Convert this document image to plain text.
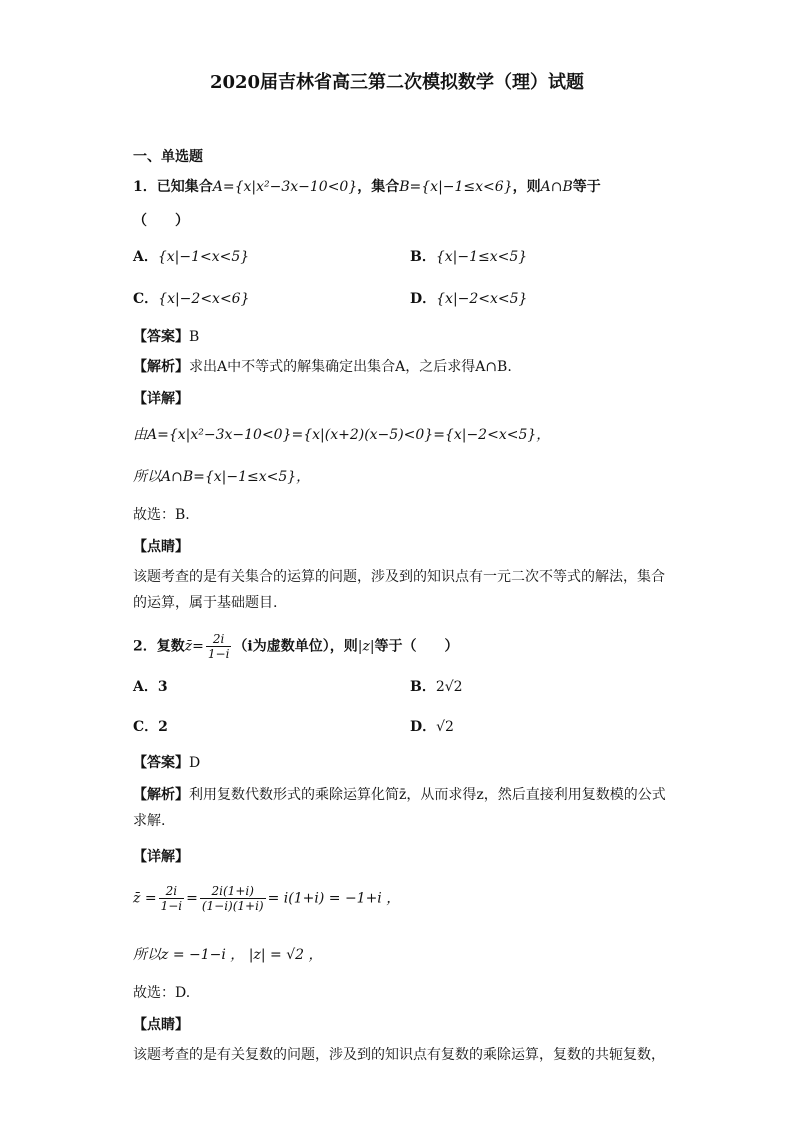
2020届吉林省高三第二次模拟数学（理）试题
一、单选题
1．已知集合A={x|x²−3x−10<0}，集合B={x|−1≤x<6}，则A∩B等于
（　　）
A．{x|−1<x<5}	B．{x|−1≤x<5}
C．{x|−2<x<6}	D．{x|−2<x<5}
【答案】B
【解析】求出A中不等式的解集确定出集合A，之后求得A∩B.
【详解】
由A={x|x²−3x−10<0}={x|(x+2)(x−5)<0}={x|−2<x<5}，
所以A∩B={x|−1≤x<5}，
故选：B.
【点睛】
该题考查的是有关集合的运算的问题，涉及到的知识点有一元二次不等式的解法，集合的运算，属于基础题目.
2．复数z̄= $\frac{2i}{1-i} (i$为虚数单位），则|z|等于（　　）
A．3	B．2√2
C．2	D．√2
【答案】D
【解析】利用复数代数形式的乘除运算化简z̄，从而求得z，然后直接利用复数模的公式求解.
【详解】
z̄ = $\frac{2i}{1-i} = \frac{2i(1+i)}{(1-i)(1+i)} = i(1+i) = -1+i$ ，
所以z = −1−i ， |z| = √2 ，
故选：D.
【点睛】
该题考查的是有关复数的问题，涉及到的知识点有复数的乘除运算，复数的共轭复数，
